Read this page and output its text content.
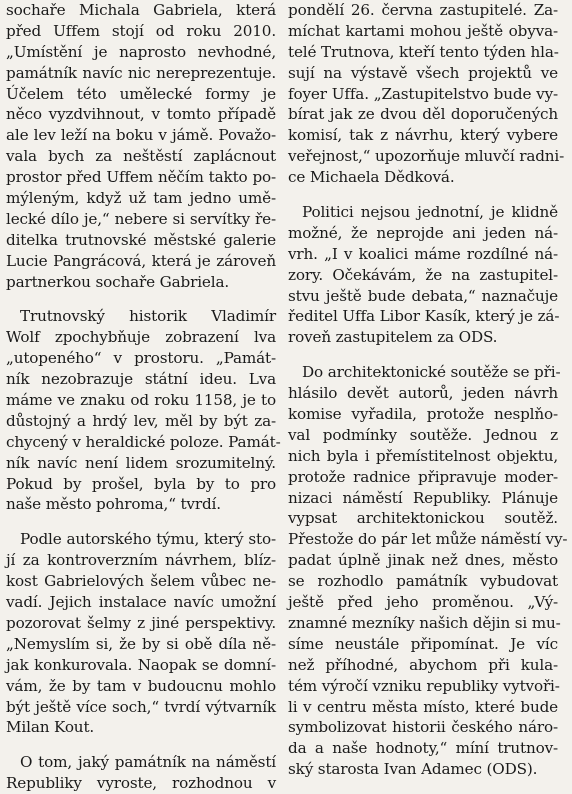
sochaře Michala Gabriela, která
před Uffem stojí od roku 2010.
„Umístění je naprosto nevhodné,
památník navíc nic nereprezentuje.
Účelem této umělecké formy je
něco vyzdvihnout, v tomto případě
ale lev leží na boku v jámě. Považo-
vala bych za neštěstí zaplácnout
prostor před Uffem něčím takto po-
mýleným, když už tam jedno umě-
lecké dílo je,“ nebere si servítky ře-
ditelka trutnovské městské galerie
Lucie Pangrácová, která je zároveň
partnerkou sochaře Gabriela.

Trutnovský historik Vladimír
Wolf zpochybňuje zobrazení lva
„utopeného“ v prostoru. „Památ-
ník nezobrazuje státní ideu. Lva
máme ve znaku od roku 1158, je to
důstojný a hrdý lev, měl by být za-
chycený v heraldické poloze. Památ-
ník navíc není lidem srozumitelný.
Pokud by prošel, byla by to pro
naše město pohroma,“ tvrdí.

Podle autorského týmu, který sto-
jí za kontroverzním návrhem, blíz-
kost Gabrielových šelem vůbec ne-
vadí. Jejich instalace navíc umožní
pozorovat šelmy z jiné perspektivy.
„Nemyslím si, že by si obě díla ně-
jak konkurovala. Naopak se domní-
vám, že by tam v budoucnu mohlo
být ještě více soch,“ tvrdí výtvarník
Milan Kout.

O tom, jaký památník na náměstí
Republiky vyroste, rozhodnou v

pondělí 26. června zastupitelé. Za-
míchat kartami mohou ještě obyva-
telé Trutnova, kteří tento týden hla-
sují na výstavě všech projektů ve
foyer Uffa. „Zastupitelstvo bude vy-
bírat jak ze dvou děl doporučených
komisí, tak z návrhu, který vybere
veřejnost,“ upozorňuje mluvčí radni-
ce Michaela Dědková.

Politici nejsou jednotní, je klidně
možné, že neprojde ani jeden ná-
vrh. „I v koalici máme rozdílné ná-
zory. Očekávám, že na zastupitel-
stvu ještě bude debata,“ naznačuje
ředitel Uffa Libor Kasík, který je zá-
roveň zastupitelem za ODS.

Do architektonické soutěže se při-
hlásilo devět autorů, jeden návrh
komise vyřadila, protože nesplňo-
val podmínky soutěže. Jednou z
nich byla i přemístitelnost objektu,
protože radnice připravuje moder-
nizaci náměstí Republiky. Plánuje
vypsat architektonickou soutěž.
Přestože do pár let může náměstí vy-
padat úplně jinak než dnes, město
se rozhodlo památník vybudovat
ještě před jeho proměnou. „Vý-
znamné mezníky našich dějin si mu-
síme neustále připomínat. Je víc
než příhodné, abychom při kula-
tém výročí vzniku republiky vytvoři-
li v centru města místo, které bude
symbolizovat historii českého náro-
da a naše hodnoty,“ míní trutnov-
ský starosta Ivan Adamec (ODS).
